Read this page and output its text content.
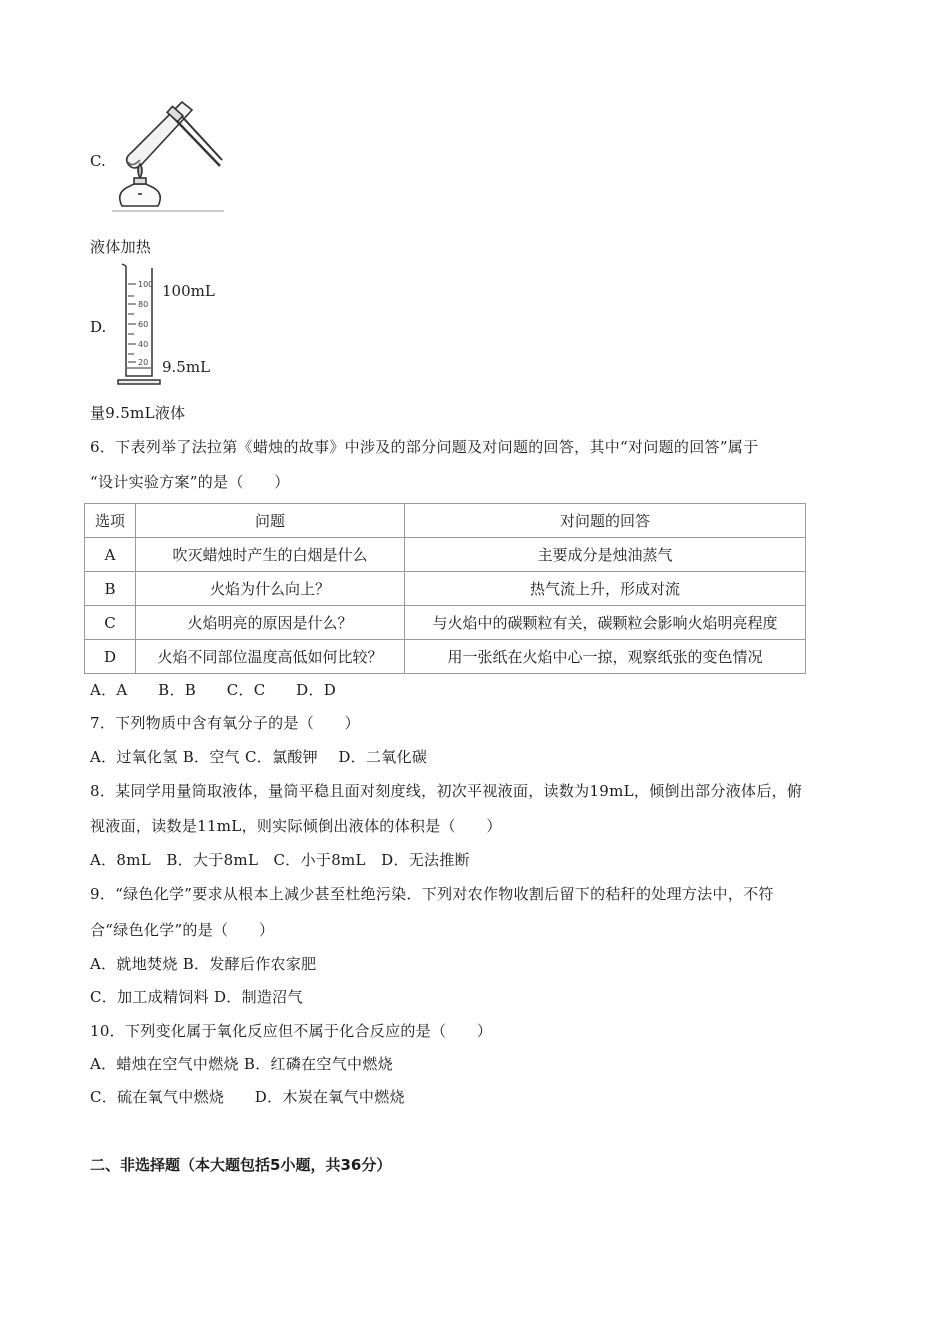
C.
液体加热
D.
100
80
60
40
20
100mL
9.5mL
量9.5mL液体
6．下表列举了法拉第《蜡烛的故事》中涉及的部分问题及对问题的回答，其中“对问题的回答”属于
“设计实验方案”的是（　　）
选项	问题	对问题的回答
A	吹灭蜡烛时产生的白烟是什么	主要成分是烛油蒸气
B	火焰为什么向上？	热气流上升，形成对流
C	火焰明亮的原因是什么？	与火焰中的碳颗粒有关，碳颗粒会影响火焰明亮程度
D	火焰不同部位温度高低如何比较？	用一张纸在火焰中心一掠，观察纸张的变色情况
A．A　　B．B　　C．C　　D．D
7．下列物质中含有氧分子的是（　　）
A．过氧化氢 B．空气 C．氯酸钾　 D．二氧化碳
8．某同学用量筒取液体，量筒平稳且面对刻度线，初次平视液面，读数为19mL，倾倒出部分液体后，俯
视液面，读数是11mL，则实际倾倒出液体的体积是（　　）
A．8mL　B．大于8mL　C．小于8mL　D．无法推断
9．“绿色化学”要求从根本上减少甚至杜绝污染．下列对农作物收割后留下的秸秆的处理方法中，不符
合“绿色化学”的是（　　）
A．就地焚烧 B．发酵后作农家肥
C．加工成精饲料 D．制造沼气
10．下列变化属于氧化反应但不属于化合反应的是（　　）
A．蜡烛在空气中燃烧 B．红磷在空气中燃烧
C．硫在氧气中燃烧　　D．木炭在氧气中燃烧
二、非选择题（本大题包括5小题，共36分）
